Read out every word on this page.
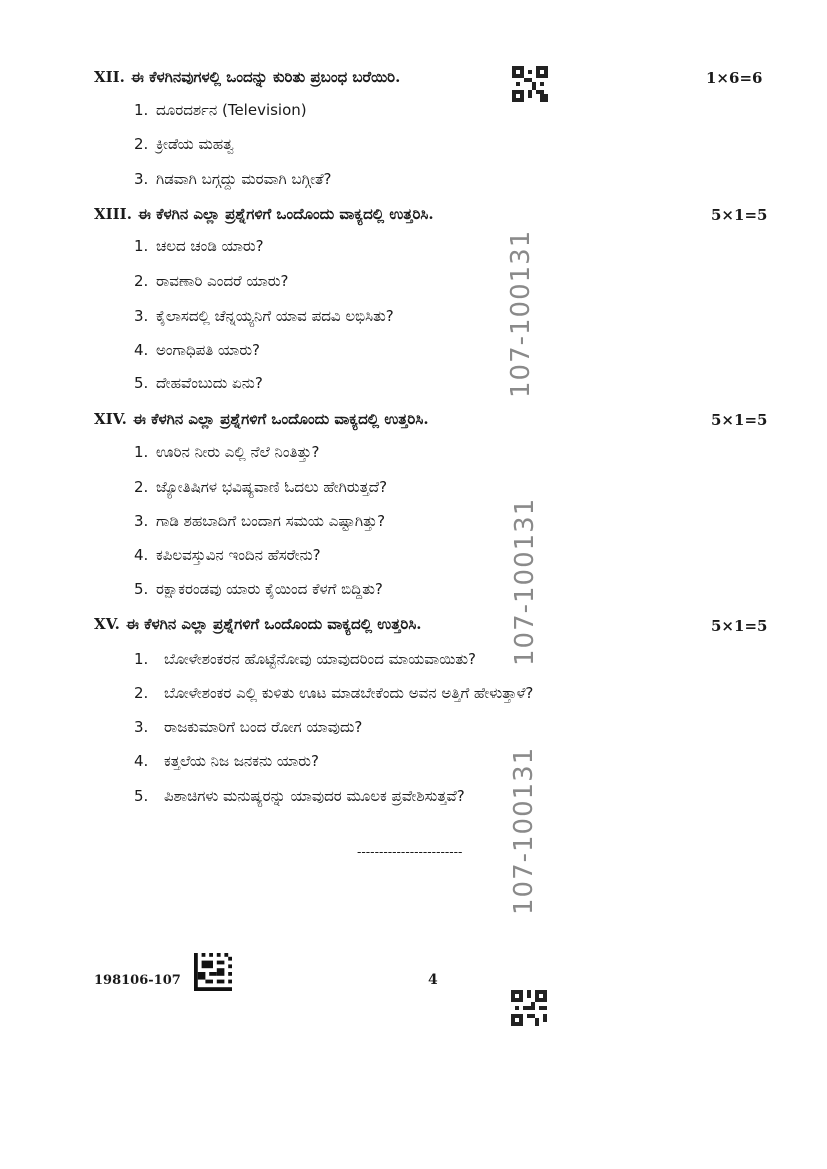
XII. ಈ ಕೆಳಗಿನವುಗಳಲ್ಲಿ ಒಂದನ್ನು ಕುರಿತು ಪ್ರಬಂಧ ಬರೆಯಿರಿ.	1×6=6
1. ದೂರದರ್ಶನ (Television)
2. ಕ್ರೀಡೆಯ ಮಹತ್ವ
3. ಗಿಡವಾಗಿ ಬಗ್ಗದ್ದು ಮರವಾಗಿ ಬಗ್ಗೀತೆ?
XIII. ಈ ಕೆಳಗಿನ ಎಲ್ಲಾ ಪ್ರಶ್ನೆಗಳಿಗೆ ಒಂದೊಂದು ವಾಕ್ಯದಲ್ಲಿ ಉತ್ತರಿಸಿ.	5×1=5
1. ಚಲದ ಚಂಡಿ ಯಾರು?
2. ರಾವಣಾರಿ ಎಂದರೆ ಯಾರು?
3. ಕೈಲಾಸದಲ್ಲಿ ಚೆನ್ನಯ್ಯನಿಗೆ ಯಾವ ಪದವಿ ಲಭಿಸಿತು?
4. ಅಂಗಾಧಿಪತಿ ಯಾರು?
5. ದೇಹವೆಂಬುದು ಏನು?
XIV. ಈ ಕೆಳಗಿನ ಎಲ್ಲಾ ಪ್ರಶ್ನೆಗಳಿಗೆ ಒಂದೊಂದು ವಾಕ್ಯದಲ್ಲಿ ಉತ್ತರಿಸಿ.	5×1=5
1. ಊರಿನ ನೀರು ಎಲ್ಲಿ ನೆಲೆ ನಿಂತಿತ್ತು?
2. ಜ್ಯೋತಿಷಿಗಳ ಭವಿಷ್ಯವಾಣಿ ಓದಲು ಹೇಗಿರುತ್ತದೆ?
3. ಗಾಡಿ ಶಹಬಾದಿಗೆ ಬಂದಾಗ ಸಮಯ ಎಷ್ಟಾಗಿತ್ತು?
4. ಕಪಿಲವಸ್ತುವಿನ ಇಂದಿನ ಹೆಸರೇನು?
5. ರಕ್ಷಾಕರಂಡವು ಯಾರು ಕೈಯಿಂದ ಕೆಳಗೆ ಬಿದ್ದಿತು?
XV. ಈ ಕೆಳಗಿನ ಎಲ್ಲಾ ಪ್ರಶ್ನೆಗಳಿಗೆ ಒಂದೊಂದು ವಾಕ್ಯದಲ್ಲಿ ಉತ್ತರಿಸಿ.	5×1=5
1. ಬೋಳೇಶಂಕರನ ಹೊಟ್ಟೆನೋವು ಯಾವುದರಿಂದ ಮಾಯವಾಯಿತು?
2. ಬೋಳೇಶಂಕರ ಎಲ್ಲಿ ಕುಳಿತು ಊಟ ಮಾಡಬೇಕೆಂದು ಅವನ ಅತ್ತಿಗೆ ಹೇಳುತ್ತಾಳೆ?
3. ರಾಜಕುಮಾರಿಗೆ ಬಂದ ರೋಗ ಯಾವುದು?
4. ಕತ್ತಲೆಯ ನಿಜ ಜನಕನು ಯಾರು?
5. ಪಿಶಾಚಿಗಳು ಮನುಷ್ಯರನ್ನು ಯಾವುದರ ಮೂಲಕ ಪ್ರವೇಶಿಸುತ್ತವೆ?
------------------------
107-100131
107-100131
107-100131
198106-107	4
